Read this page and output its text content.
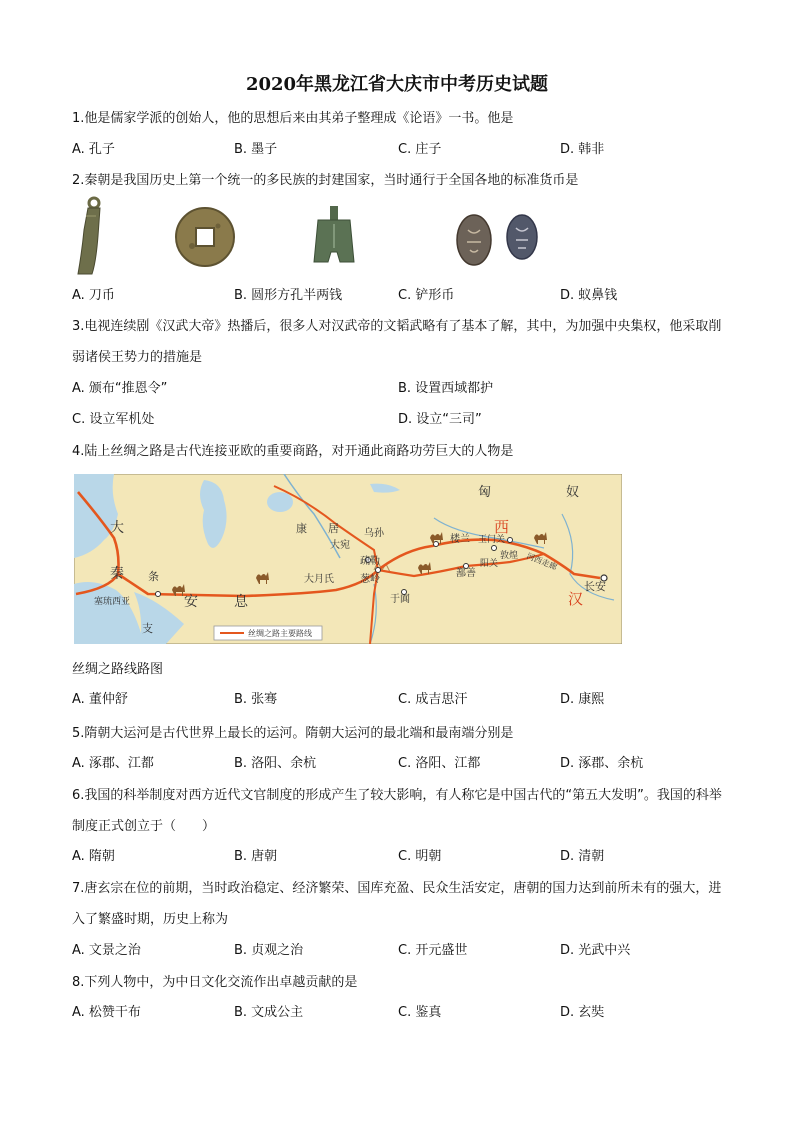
2020年黑龙江省大庆市中考历史试题
1.他是儒家学派的创始人，他的思想后来由其弟子整理成《论语》一书。他是
A. 孔子	B. 墨子	C. 庄子	D. 韩非
2.秦朝是我国历史上第一个统一的多民族的封建国家，当时通行于全国各地的标准货币是
A. 刀币	B. 圆形方孔半两钱	C. 铲形币	D. 蚁鼻钱
3.电视连续剧《汉武大帝》热播后，很多人对汉武帝的文韬武略有了基本了解，其中，为加强中央集权，他采取削弱诸侯王势力的措施是
A. 颁布“推恩令”	B. 设置西域都护
C. 设立军机处	D. 设立“三司”
4.陆上丝绸之路是古代连接亚欧的重要商路，对开通此商路功劳巨大的人物是
匈	奴
大
秦 条
支
安	息
西
汉
康 居	乌孙
大宛
疏勒
葱岭
大月氏
于阗
楼兰
鄯善
玉门关
敦煌
阳关	河西走廊
长安
塞琉西亚
丝绸之路主要路线
丝绸之路线路图
A. 董仲舒	B. 张骞	C. 成吉思汗	D. 康熙
5.隋朝大运河是古代世界上最长的运河。隋朝大运河的最北端和最南端分别是
A. 涿郡、江都	B. 洛阳、余杭	C. 洛阳、江都	D. 涿郡、余杭
6.我国的科举制度对西方近代文官制度的形成产生了较大影响，有人称它是中国古代的“第五大发明”。我国的科举制度正式创立于（　　）
A. 隋朝	B. 唐朝	C. 明朝	D. 清朝
7.唐玄宗在位的前期，当时政治稳定、经济繁荣、国库充盈、民众生活安定，唐朝的国力达到前所未有的强大，进入了繁盛时期，历史上称为
A. 文景之治	B. 贞观之治	C. 开元盛世	D. 光武中兴
8.下列人物中，为中日文化交流作出卓越贡献的是
A. 松赞干布	B. 文成公主	C. 鉴真	D. 玄奘
